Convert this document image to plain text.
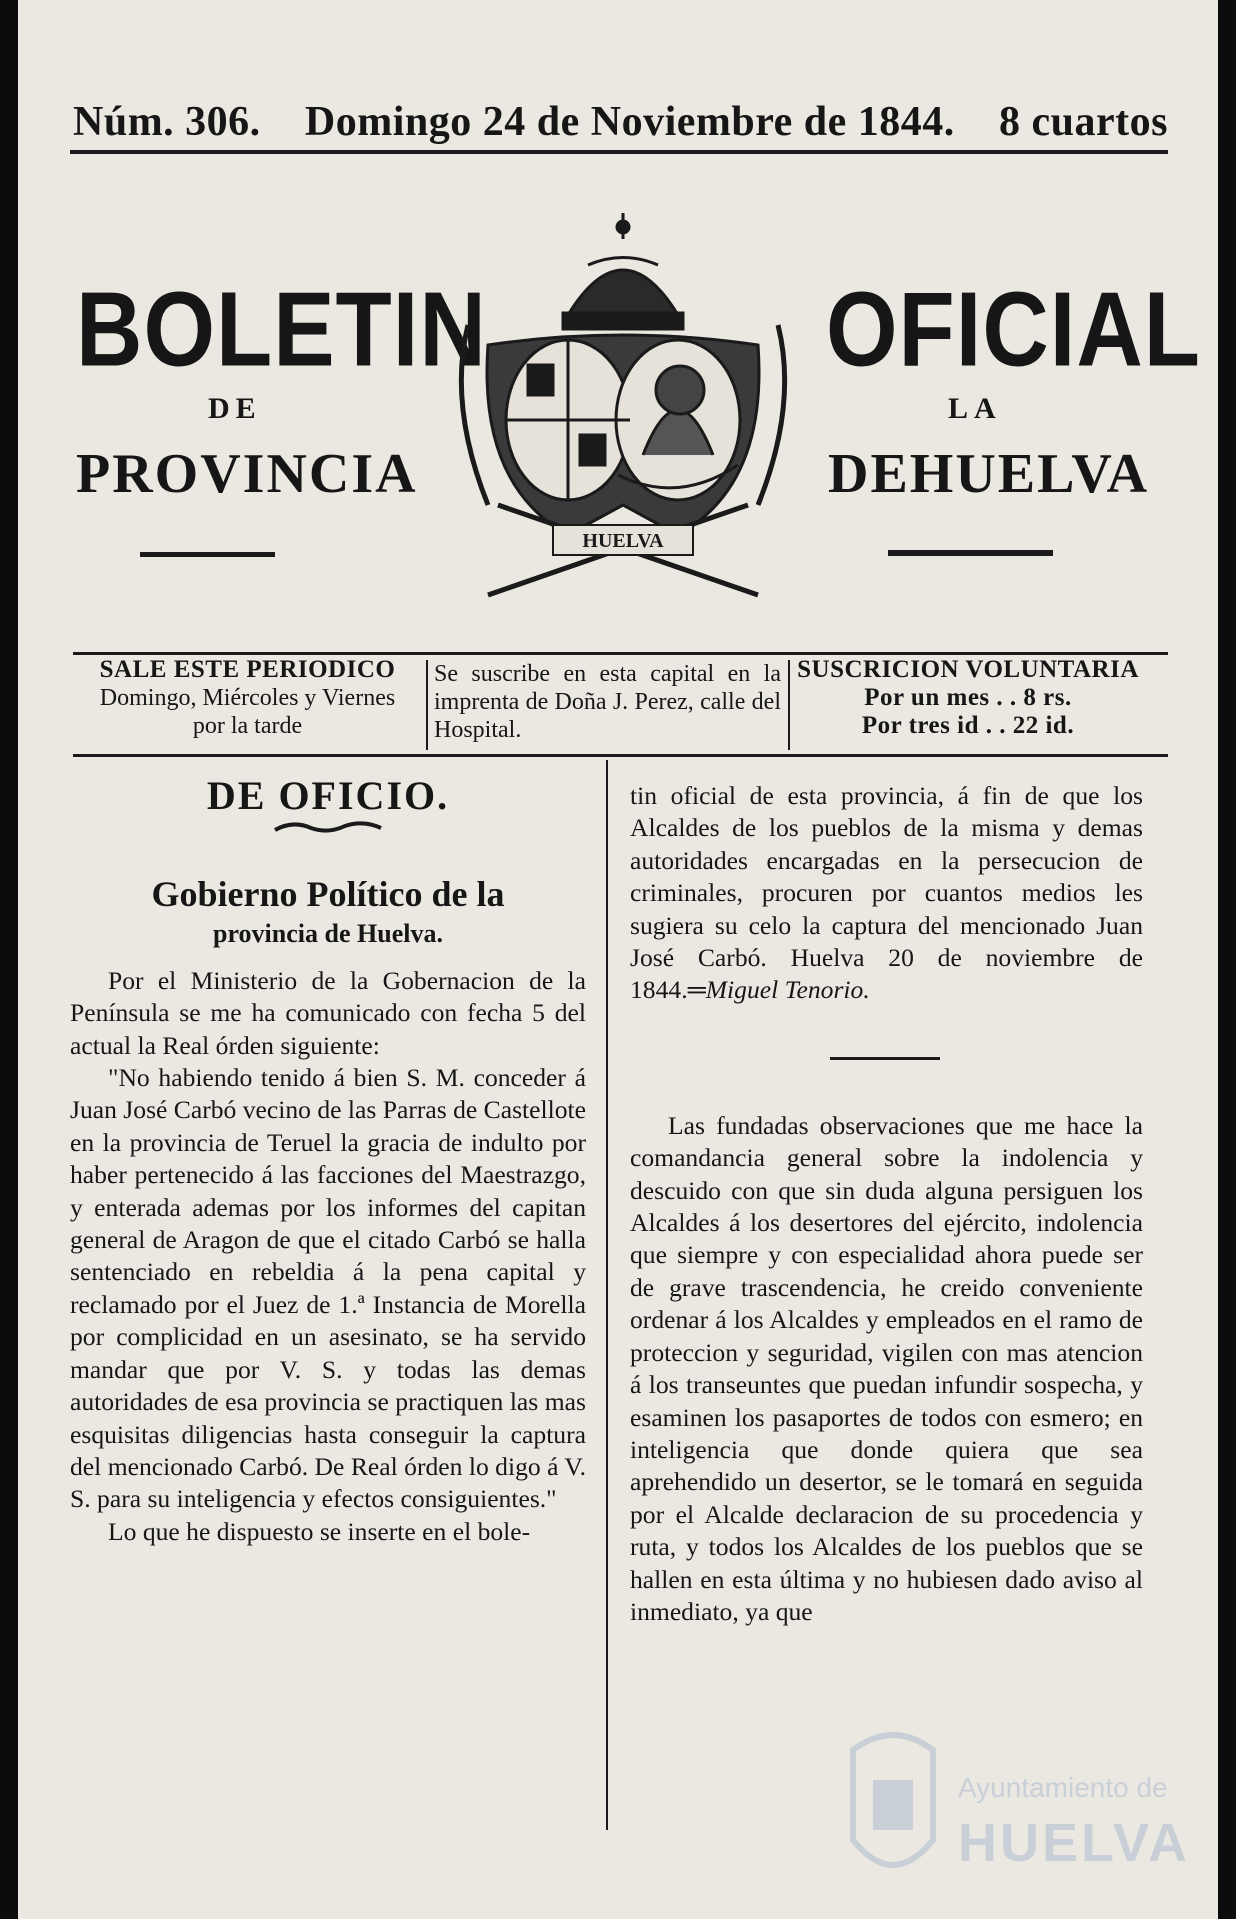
Núm. 306. Domingo 24 de Noviembre de 1844. 8 cuartos
BOLETIN	OFICIAL
DE	LA
PROVINCIA	DEHUELVA
HUELVA
SALE ESTE PERIODICO
Domingo, Miércoles y Viernes
por la tarde
Se suscribe en esta capital en la imprenta de Doña J. Perez, calle del Hospital.
SUSCRICION VOLUNTARIA
Por un mes . . 8 rs.
Por tres id . . 22 id.
DE OFICIO.
Gobierno Político de la
provincia de Huelva.

Por el Ministerio de la Gobernacion de la Península se me ha comunicado con fecha 5 del actual la Real órden siguiente:

"No habiendo tenido á bien S. M. conceder á Juan José Carbó vecino de las Parras de Castellote en la provincia de Teruel la gracia de indulto por haber pertenecido á las facciones del Maestrazgo, y enterada ademas por los informes del capitan general de Aragon de que el citado Carbó se halla sentenciado en rebeldia á la pena capital y reclamado por el Juez de 1.ª Instancia de Morella por complicidad en un asesinato, se ha servido mandar que por V. S. y todas las demas autoridades de esa provincia se practiquen las mas esquisitas diligencias hasta conseguir la captura del mencionado Carbó. De Real órden lo digo á V. S. para su inteligencia y efectos consiguientes."

Lo que he dispuesto se inserte en el bole-

tin oficial de esta provincia, á fin de que los Alcaldes de los pueblos de la misma y demas autoridades encargadas en la persecucion de criminales, procuren por cuantos medios les sugiera su celo la captura del mencionado Juan José Carbó. Huelva 20 de noviembre de 1844.═Miguel Tenorio.

Las fundadas observaciones que me hace la comandancia general sobre la indolencia y descuido con que sin duda alguna persiguen los Alcaldes á los desertores del ejército, indolencia que siempre y con especialidad ahora puede ser de grave trascendencia, he creido conveniente ordenar á los Alcaldes y empleados en el ramo de proteccion y seguridad, vigilen con mas atencion á los transeuntes que puedan infundir sospecha, y esaminen los pasaportes de todos con esmero; en inteligencia que donde quiera que sea aprehendido un desertor, se le tomará en seguida por el Alcalde declaracion de su procedencia y ruta, y todos los Alcaldes de los pueblos que se hallen en esta última y no hubiesen dado aviso al inmediato, ya que

Ayuntamiento de
HUELVA
